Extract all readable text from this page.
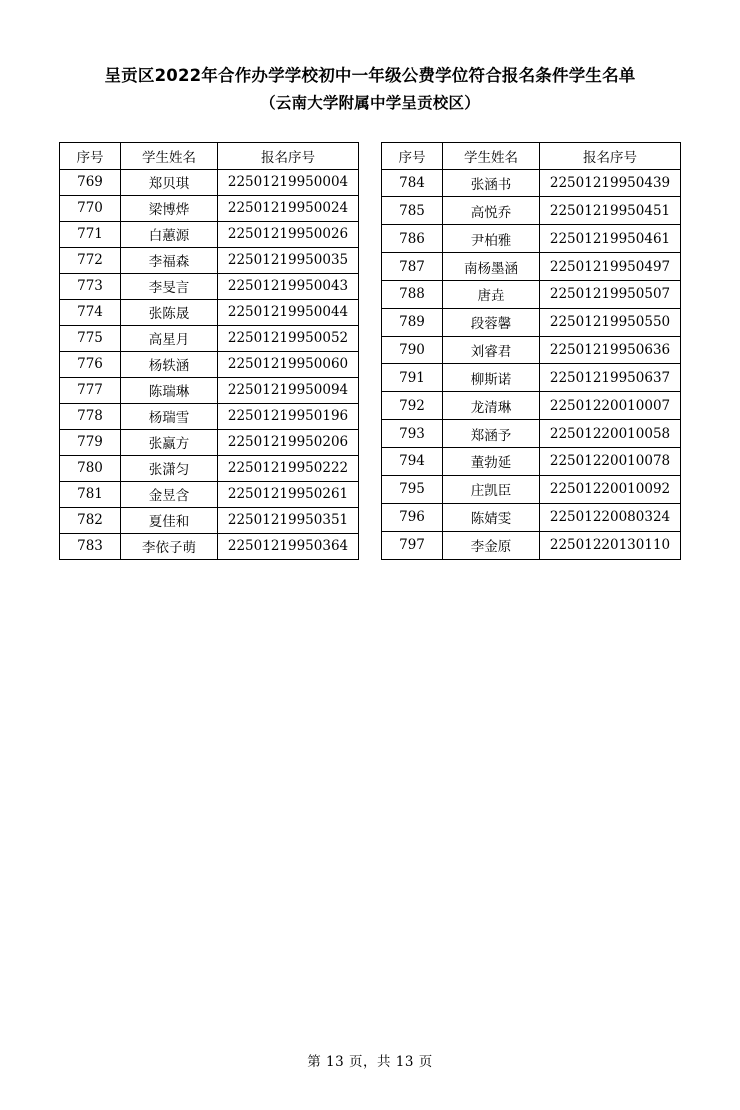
呈贡区2022年合作办学学校初中一年级公费学位符合报名条件学生名单
（云南大学附属中学呈贡校区）
序号	学生姓名	报名序号
769	郑贝琪	22501219950004
770	梁博烨	22501219950024
771	白蕙源	22501219950026
772	李福森	22501219950035
773	李旻言	22501219950043
774	张陈晟	22501219950044
775	高星月	22501219950052
776	杨轶涵	22501219950060
777	陈瑞琳	22501219950094
778	杨瑞雪	22501219950196
779	张赢方	22501219950206
780	张潇匀	22501219950222
781	金昱含	22501219950261
782	夏佳和	22501219950351
783	李依子萌	22501219950364
序号	学生姓名	报名序号
784	张涵书	22501219950439
785	高悦乔	22501219950451
786	尹柏雅	22501219950461
787	南杨墨涵	22501219950497
788	唐垚	22501219950507
789	段蓉馨	22501219950550
790	刘睿君	22501219950636
791	柳斯诺	22501219950637
792	龙清琳	22501220010007
793	郑涵予	22501220010058
794	董勃延	22501220010078
795	庄凯臣	22501220010092
796	陈婧雯	22501220080324
797	李金原	22501220130110
第 13 页，共 13 页
